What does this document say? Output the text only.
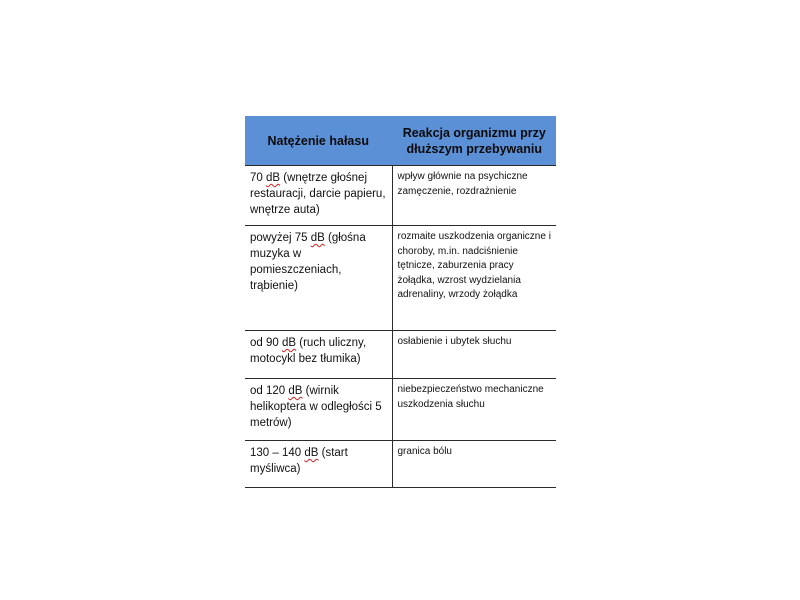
Natężenie hałasu	Reakcja organizmu przy dłuższym przebywaniu
70 dB (wnętrze głośnej restauracji, darcie papieru, wnętrze auta)	wpływ głównie na psychiczne zamęczenie, rozdrażnienie
powyżej 75 dB (głośna muzyka w pomieszczeniach, trąbienie)	rozmaite uszkodzenia organiczne i choroby, m.in. nadciśnienie tętnicze, zaburzenia pracy żołądka, wzrost wydzielania adrenaliny, wrzody żołądka
od 90 dB (ruch uliczny, motocykl bez tłumika)	osłabienie i ubytek słuchu
od 120 dB (wirnik helikoptera w odległości 5 metrów)	niebezpieczeństwo mechaniczne uszkodzenia słuchu
130 – 140 dB (start myśliwca)	granica bólu
